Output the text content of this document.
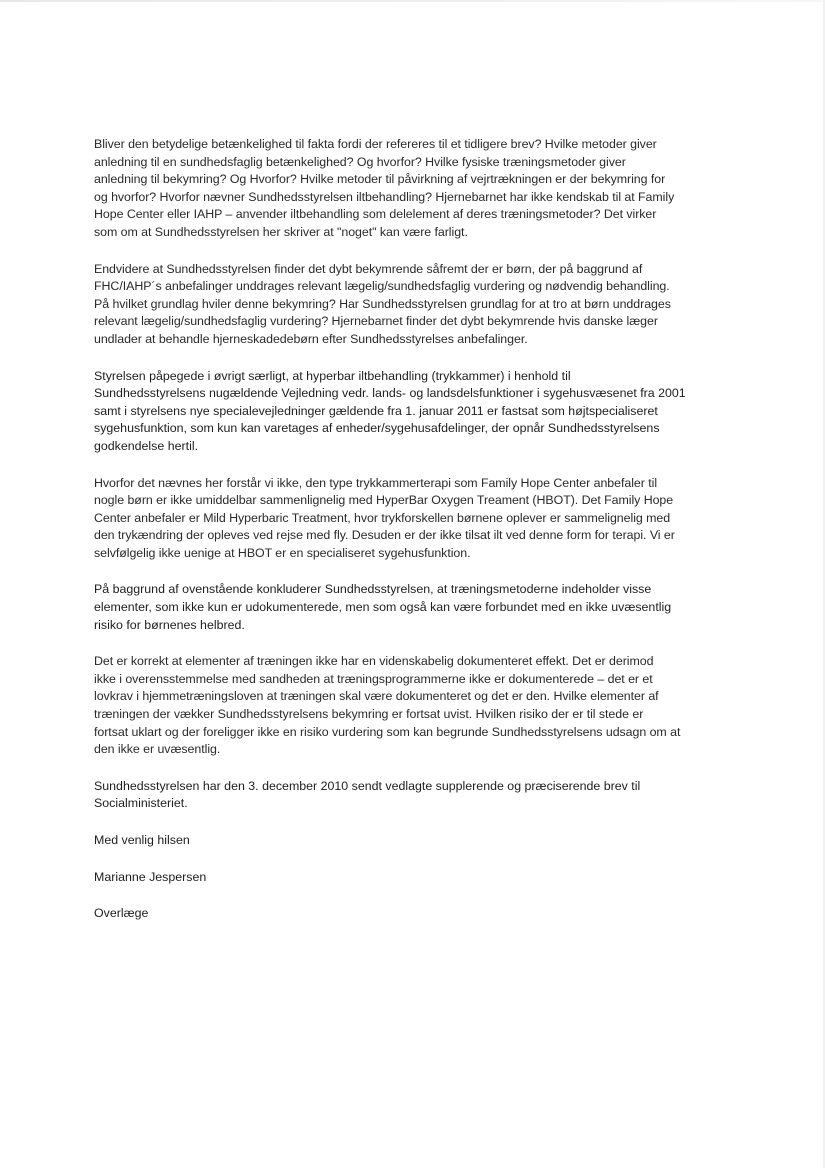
Bliver den betydelige betænkelighed til fakta fordi der refereres til et tidligere brev? Hvilke metoder giver
anledning til en sundhedsfaglig betænkelighed? Og hvorfor? Hvilke fysiske træningsmetoder giver
anledning til bekymring? Og Hvorfor? Hvilke metoder til påvirkning af vejrtrækningen er der bekymring for
og hvorfor? Hvorfor nævner Sundhedsstyrelsen iltbehandling? Hjernebarnet har ikke kendskab til at Family
Hope Center eller IAHP – anvender iltbehandling som delelement af deres træningsmetoder? Det virker
som om at Sundhedsstyrelsen her skriver at "noget" kan være farligt.

Endvidere at Sundhedsstyrelsen finder det dybt bekymrende såfremt der er børn, der på baggrund af
FHC/IAHP´s anbefalinger unddrages relevant lægelig/sundhedsfaglig vurdering og nødvendig behandling.
På hvilket grundlag hviler denne bekymring? Har Sundhedsstyrelsen grundlag for at tro at børn unddrages
relevant lægelig/sundhedsfaglig vurdering? Hjernebarnet finder det dybt bekymrende hvis danske læger
undlader at behandle hjerneskadedebørn efter Sundhedsstyrelses anbefalinger.

Styrelsen påpegede i øvrigt særligt, at hyperbar iltbehandling (trykkammer) i henhold til
Sundhedsstyrelsens nugældende Vejledning vedr. lands- og landsdelsfunktioner i sygehusvæsenet fra 2001
samt i styrelsens nye specialevejledninger gældende fra 1. januar 2011 er fastsat som højtspecialiseret
sygehusfunktion, som kun kan varetages af enheder/sygehusafdelinger, der opnår Sundhedsstyrelsens
godkendelse hertil.

Hvorfor det nævnes her forstår vi ikke, den type trykkammerterapi som Family Hope Center anbefaler til
nogle børn er ikke umiddelbar sammenlignelig med HyperBar Oxygen Treament (HBOT). Det Family Hope
Center anbefaler er Mild Hyperbaric Treatment, hvor trykforskellen børnene oplever er sammelignelig med
den trykændring der opleves ved rejse med fly. Desuden er der ikke tilsat ilt ved denne form for terapi. Vi er
selvfølgelig ikke uenige at HBOT er en specialiseret sygehusfunktion.

På baggrund af ovenstående konkluderer Sundhedsstyrelsen, at træningsmetoderne indeholder visse
elementer, som ikke kun er udokumenterede, men som også kan være forbundet med en ikke uvæsentlig
risiko for børnenes helbred.

Det er korrekt at elementer af træningen ikke har en videnskabelig dokumenteret effekt. Det er derimod
ikke i overensstemmelse med sandheden at træningsprogrammerne ikke er dokumenterede – det er et
lovkrav i hjemmetræningsloven at træningen skal være dokumenteret og det er den. Hvilke elementer af
træningen der vækker Sundhedsstyrelsens bekymring er fortsat uvist. Hvilken risiko der er til stede er
fortsat uklart og der foreligger ikke en risiko vurdering som kan begrunde Sundhedsstyrelsens udsagn om at
den ikke er uvæsentlig.

Sundhedsstyrelsen har den 3. december 2010 sendt vedlagte supplerende og præciserende brev til
Socialministeriet.

Med venlig hilsen

Marianne Jespersen

Overlæge
